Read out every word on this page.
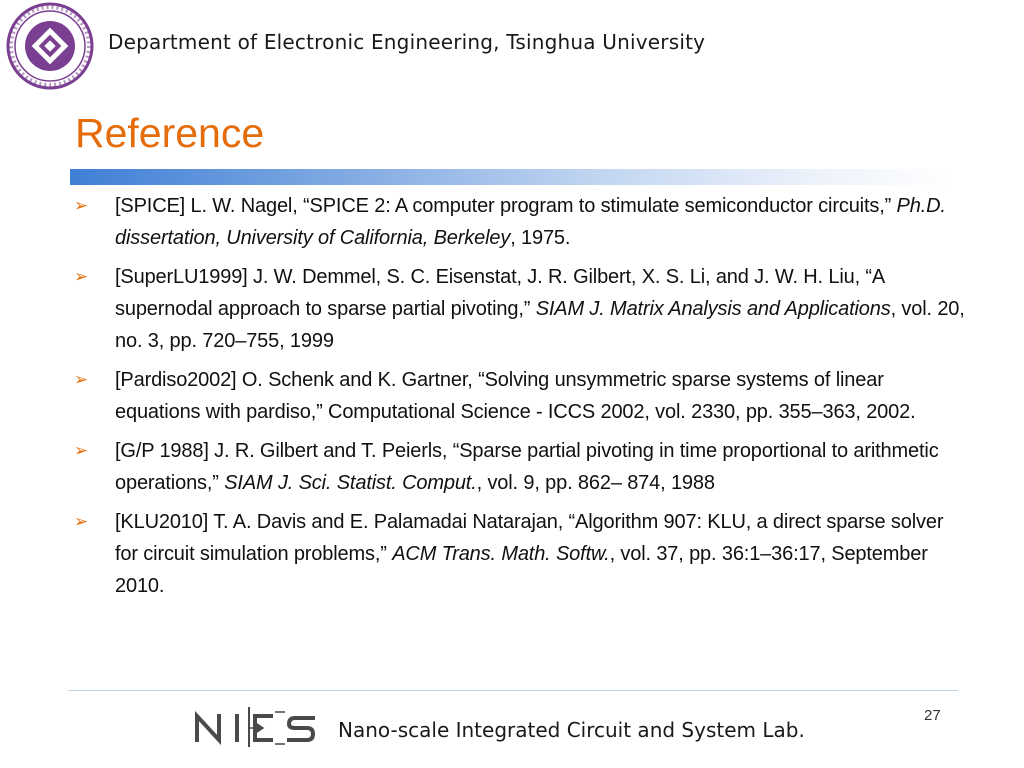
Department of Electronic Engineering, Tsinghua University
Reference
➢ [SPICE] L. W. Nagel, “SPICE 2: A computer program to stimulate semiconductor circuits,” Ph.D. dissertation, University of California, Berkeley, 1975.
➢ [SuperLU1999] J. W. Demmel, S. C. Eisenstat, J. R. Gilbert, X. S. Li, and J. W. H. Liu, “A supernodal approach to sparse partial pivoting,” SIAM J. Matrix Analysis and Applications, vol. 20, no. 3, pp. 720–755, 1999
➢ [Pardiso2002] O. Schenk and K. Gartner, “Solving unsymmetric sparse systems of linear equations with pardiso,” Computational Science - ICCS 2002, vol. 2330, pp. 355–363, 2002.
➢ [G/P 1988] J. R. Gilbert and T. Peierls, “Sparse partial pivoting in time proportional to arithmetic operations,” SIAM J. Sci. Statist. Comput., vol. 9, pp. 862– 874, 1988
➢ [KLU2010] T. A. Davis and E. Palamadai Natarajan, “Algorithm 907: KLU, a direct sparse solver for circuit simulation problems,” ACM Trans. Math. Softw., vol. 37, pp. 36:1–36:17, September 2010.
Nano-scale Integrated Circuit and System Lab.
27
